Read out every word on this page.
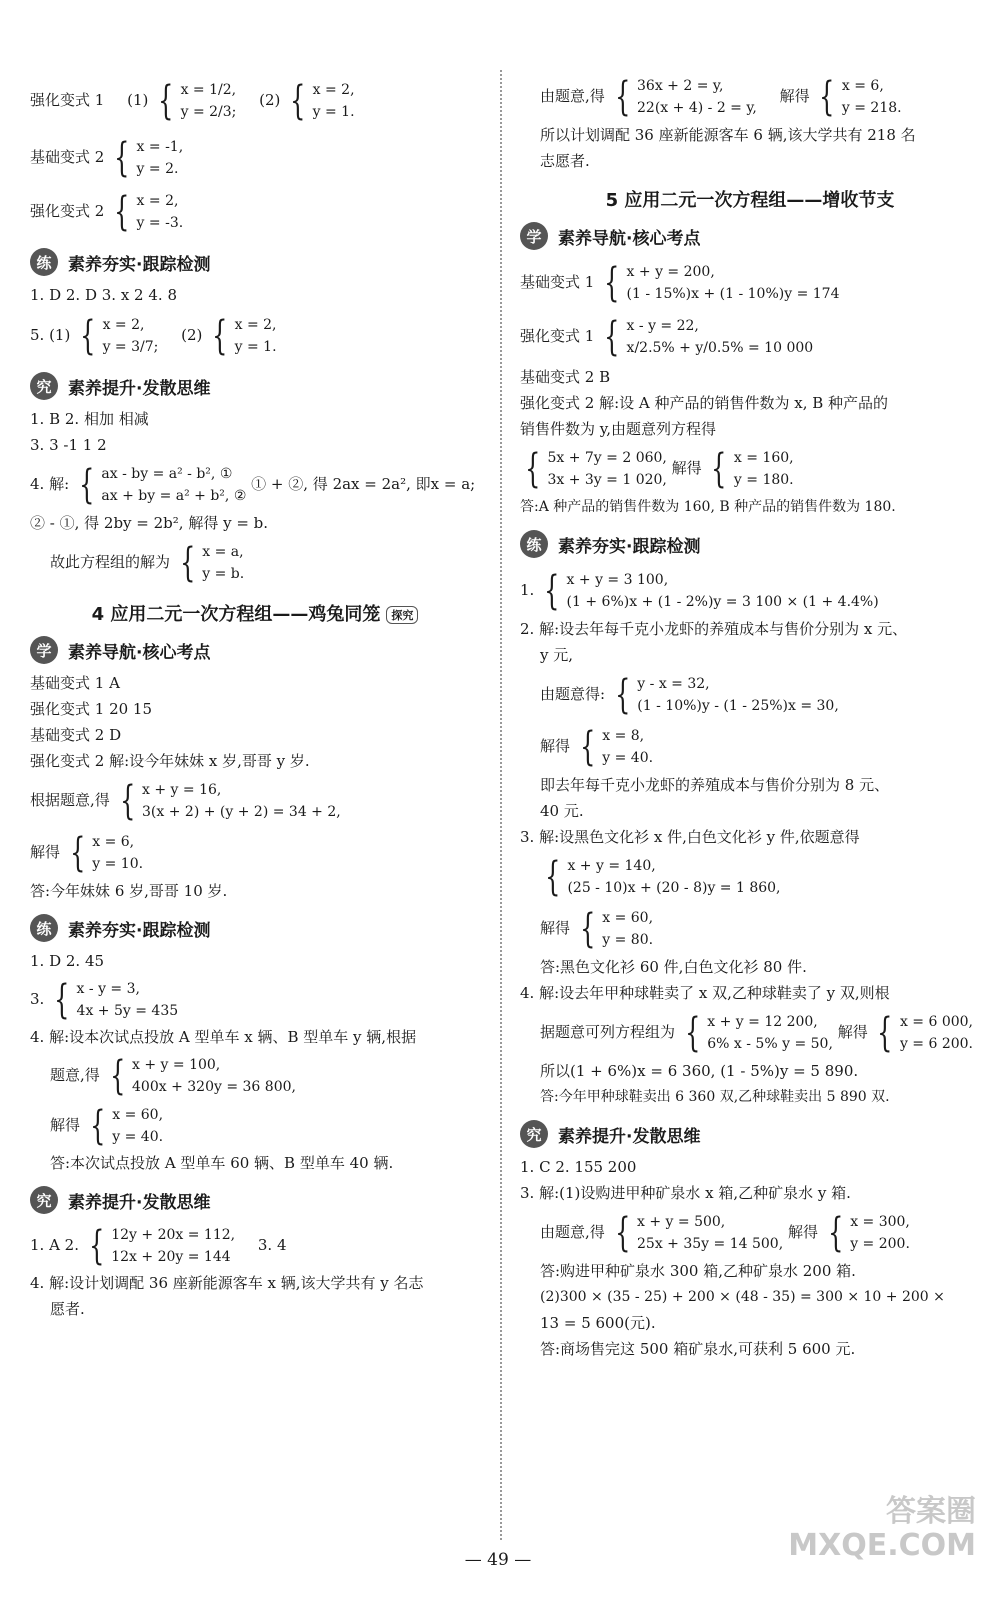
强化变式 1 (1) { x = 1/2,
y = 2/3;
(2) { x = 2,
y = 1.
基础变式 2 { x = -1,
y = 2.
强化变式 2 { x = 2,
y = -3.
练 素养夯实·跟踪检测
1. D 2. D 3. x 2 4. 8
5. (1) { x = 2,
y = 3/7;
(2) { x = 2,
y = 1.
究 素养提升·发散思维
1. B 2. 相加 相减
3. 3 -1 1 2
4. 解: { ax - by = a² - b², ①
ax + by = a² + b², ②
① + ②, 得 2ax = 2a², 即x = a;
② - ①, 得 2by = 2b², 解得 y = b.
故此方程组的解为 { x = a,
y = b.
4 应用二元一次方程组——鸡兔同笼 探究
学 素养导航·核心考点
基础变式 1 A
强化变式 1 20 15
基础变式 2 D
强化变式 2 解:设今年妹妹 x 岁,哥哥 y 岁.
根据题意,得 { x + y = 16,
3(x + 2) + (y + 2) = 34 + 2,
解得 { x = 6,
y = 10.
答:今年妹妹 6 岁,哥哥 10 岁.
练 素养夯实·跟踪检测
1. D 2. 45
3. { x - y = 3,
4x + 5y = 435
4. 解:设本次试点投放 A 型单车 x 辆、B 型单车 y 辆,根据
题意,得 { x + y = 100,
400x + 320y = 36 800,
解得 { x = 60,
y = 40.
答:本次试点投放 A 型单车 60 辆、B 型单车 40 辆.
究 素养提升·发散思维
1. A 2. { 12y + 20x = 112,
12x + 20y = 144
3. 4
4. 解:设计划调配 36 座新能源客车 x 辆,该大学共有 y 名志
愿者.
由题意,得 { 36x + 2 = y,
22(x + 4) - 2 = y,
解得 { x = 6,
y = 218.
所以计划调配 36 座新能源客车 6 辆,该大学共有 218 名
志愿者.
5 应用二元一次方程组——增收节支
学 素养导航·核心考点
基础变式 1 { x + y = 200,
(1 - 15%)x + (1 - 10%)y = 174
强化变式 1 { x - y = 22,
x/2.5% + y/0.5% = 10 000
基础变式 2 B
强化变式 2 解:设 A 种产品的销售件数为 x, B 种产品的
销售件数为 y,由题意列方程得
{ 5x + 7y = 2 060,
3x + 3y = 1 020,
解得 { x = 160,
y = 180.
答:A 种产品的销售件数为 160, B 种产品的销售件数为 180.
练 素养夯实·跟踪检测
1. { x + y = 3 100,
(1 + 6%)x + (1 - 2%)y = 3 100 × (1 + 4.4%)
2. 解:设去年每千克小龙虾的养殖成本与售价分别为 x 元、
y 元,
由题意得: { y - x = 32,
(1 - 10%)y - (1 - 25%)x = 30,
解得 { x = 8,
y = 40.
即去年每千克小龙虾的养殖成本与售价分别为 8 元、
40 元.
3. 解:设黑色文化衫 x 件,白色文化衫 y 件,依题意得
{ x + y = 140,
(25 - 10)x + (20 - 8)y = 1 860,
解得 { x = 60,
y = 80.
答:黑色文化衫 60 件,白色文化衫 80 件.
4. 解:设去年甲种球鞋卖了 x 双,乙种球鞋卖了 y 双,则根
据题意可列方程组为 { x + y = 12 200,
6% x - 5% y = 50,
解得 { x = 6 000,
y = 6 200.
所以(1 + 6%)x = 6 360, (1 - 5%)y = 5 890.
答:今年甲种球鞋卖出 6 360 双,乙种球鞋卖出 5 890 双.
究 素养提升·发散思维
1. C 2. 155 200
3. 解:(1)设购进甲种矿泉水 x 箱,乙种矿泉水 y 箱.
由题意,得 { x + y = 500,
25x + 35y = 14 500,
解得 { x = 300,
y = 200.
答:购进甲种矿泉水 300 箱,乙种矿泉水 200 箱.
(2)300 × (35 - 25) + 200 × (48 - 35) = 300 × 10 + 200 ×
13 = 5 600(元).
答:商场售完这 500 箱矿泉水,可获利 5 600 元.
— 49 —
答案圈
MXQE.COM
